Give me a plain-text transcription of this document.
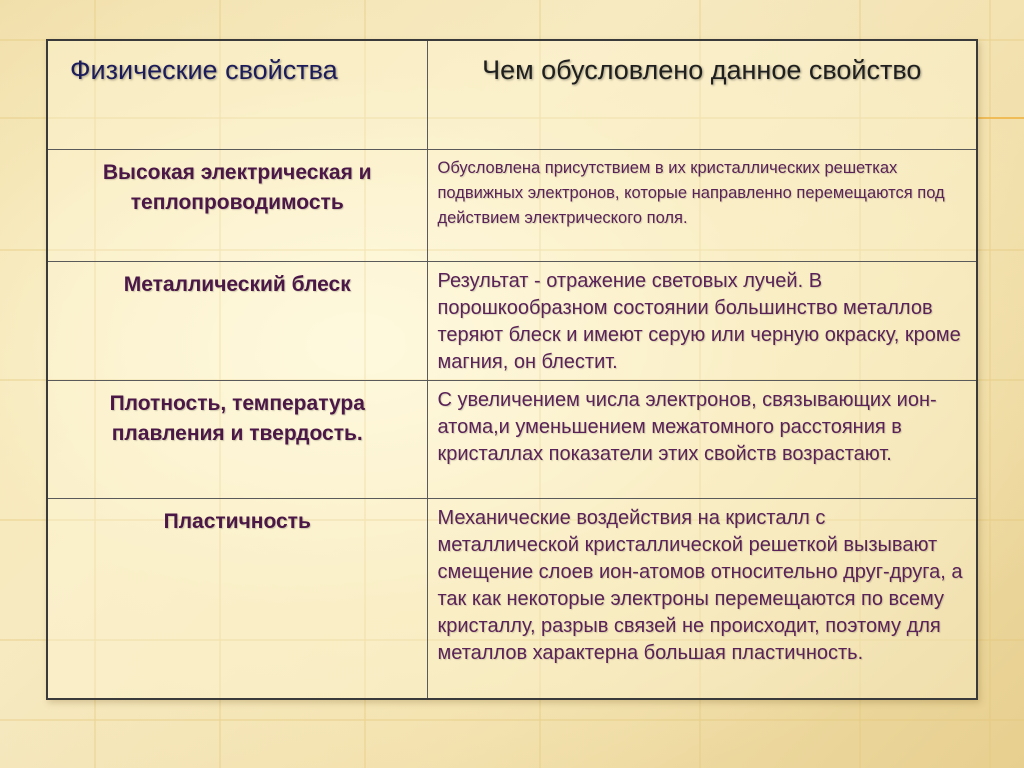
Физические свойства	Чем обусловлено данное свойство
Высокая электрическая и теплопроводимость	Обусловлена присутствием в их кристаллических решетках подвижных электронов, которые направленно перемещаются под действием электрического поля.
Металлический блеск	Результат - отражение световых лучей. В порошкообразном состоянии большинство металлов теряют блеск и имеют серую или черную окраску, кроме магния, он блестит.
Плотность, температура плавления и твердость.	С увеличением числа электронов, связывающих ион-атома,и уменьшением межатомного расстояния в кристаллах показатели этих свойств возрастают.
Пластичность	Механические воздействия на кристалл с металлической кристаллической решеткой вызывают смещение слоев ион-атомов относительно друг-друга, а так как некоторые электроны перемещаются по всему кристаллу, разрыв связей не происходит, поэтому для металлов характерна большая пластичность.
